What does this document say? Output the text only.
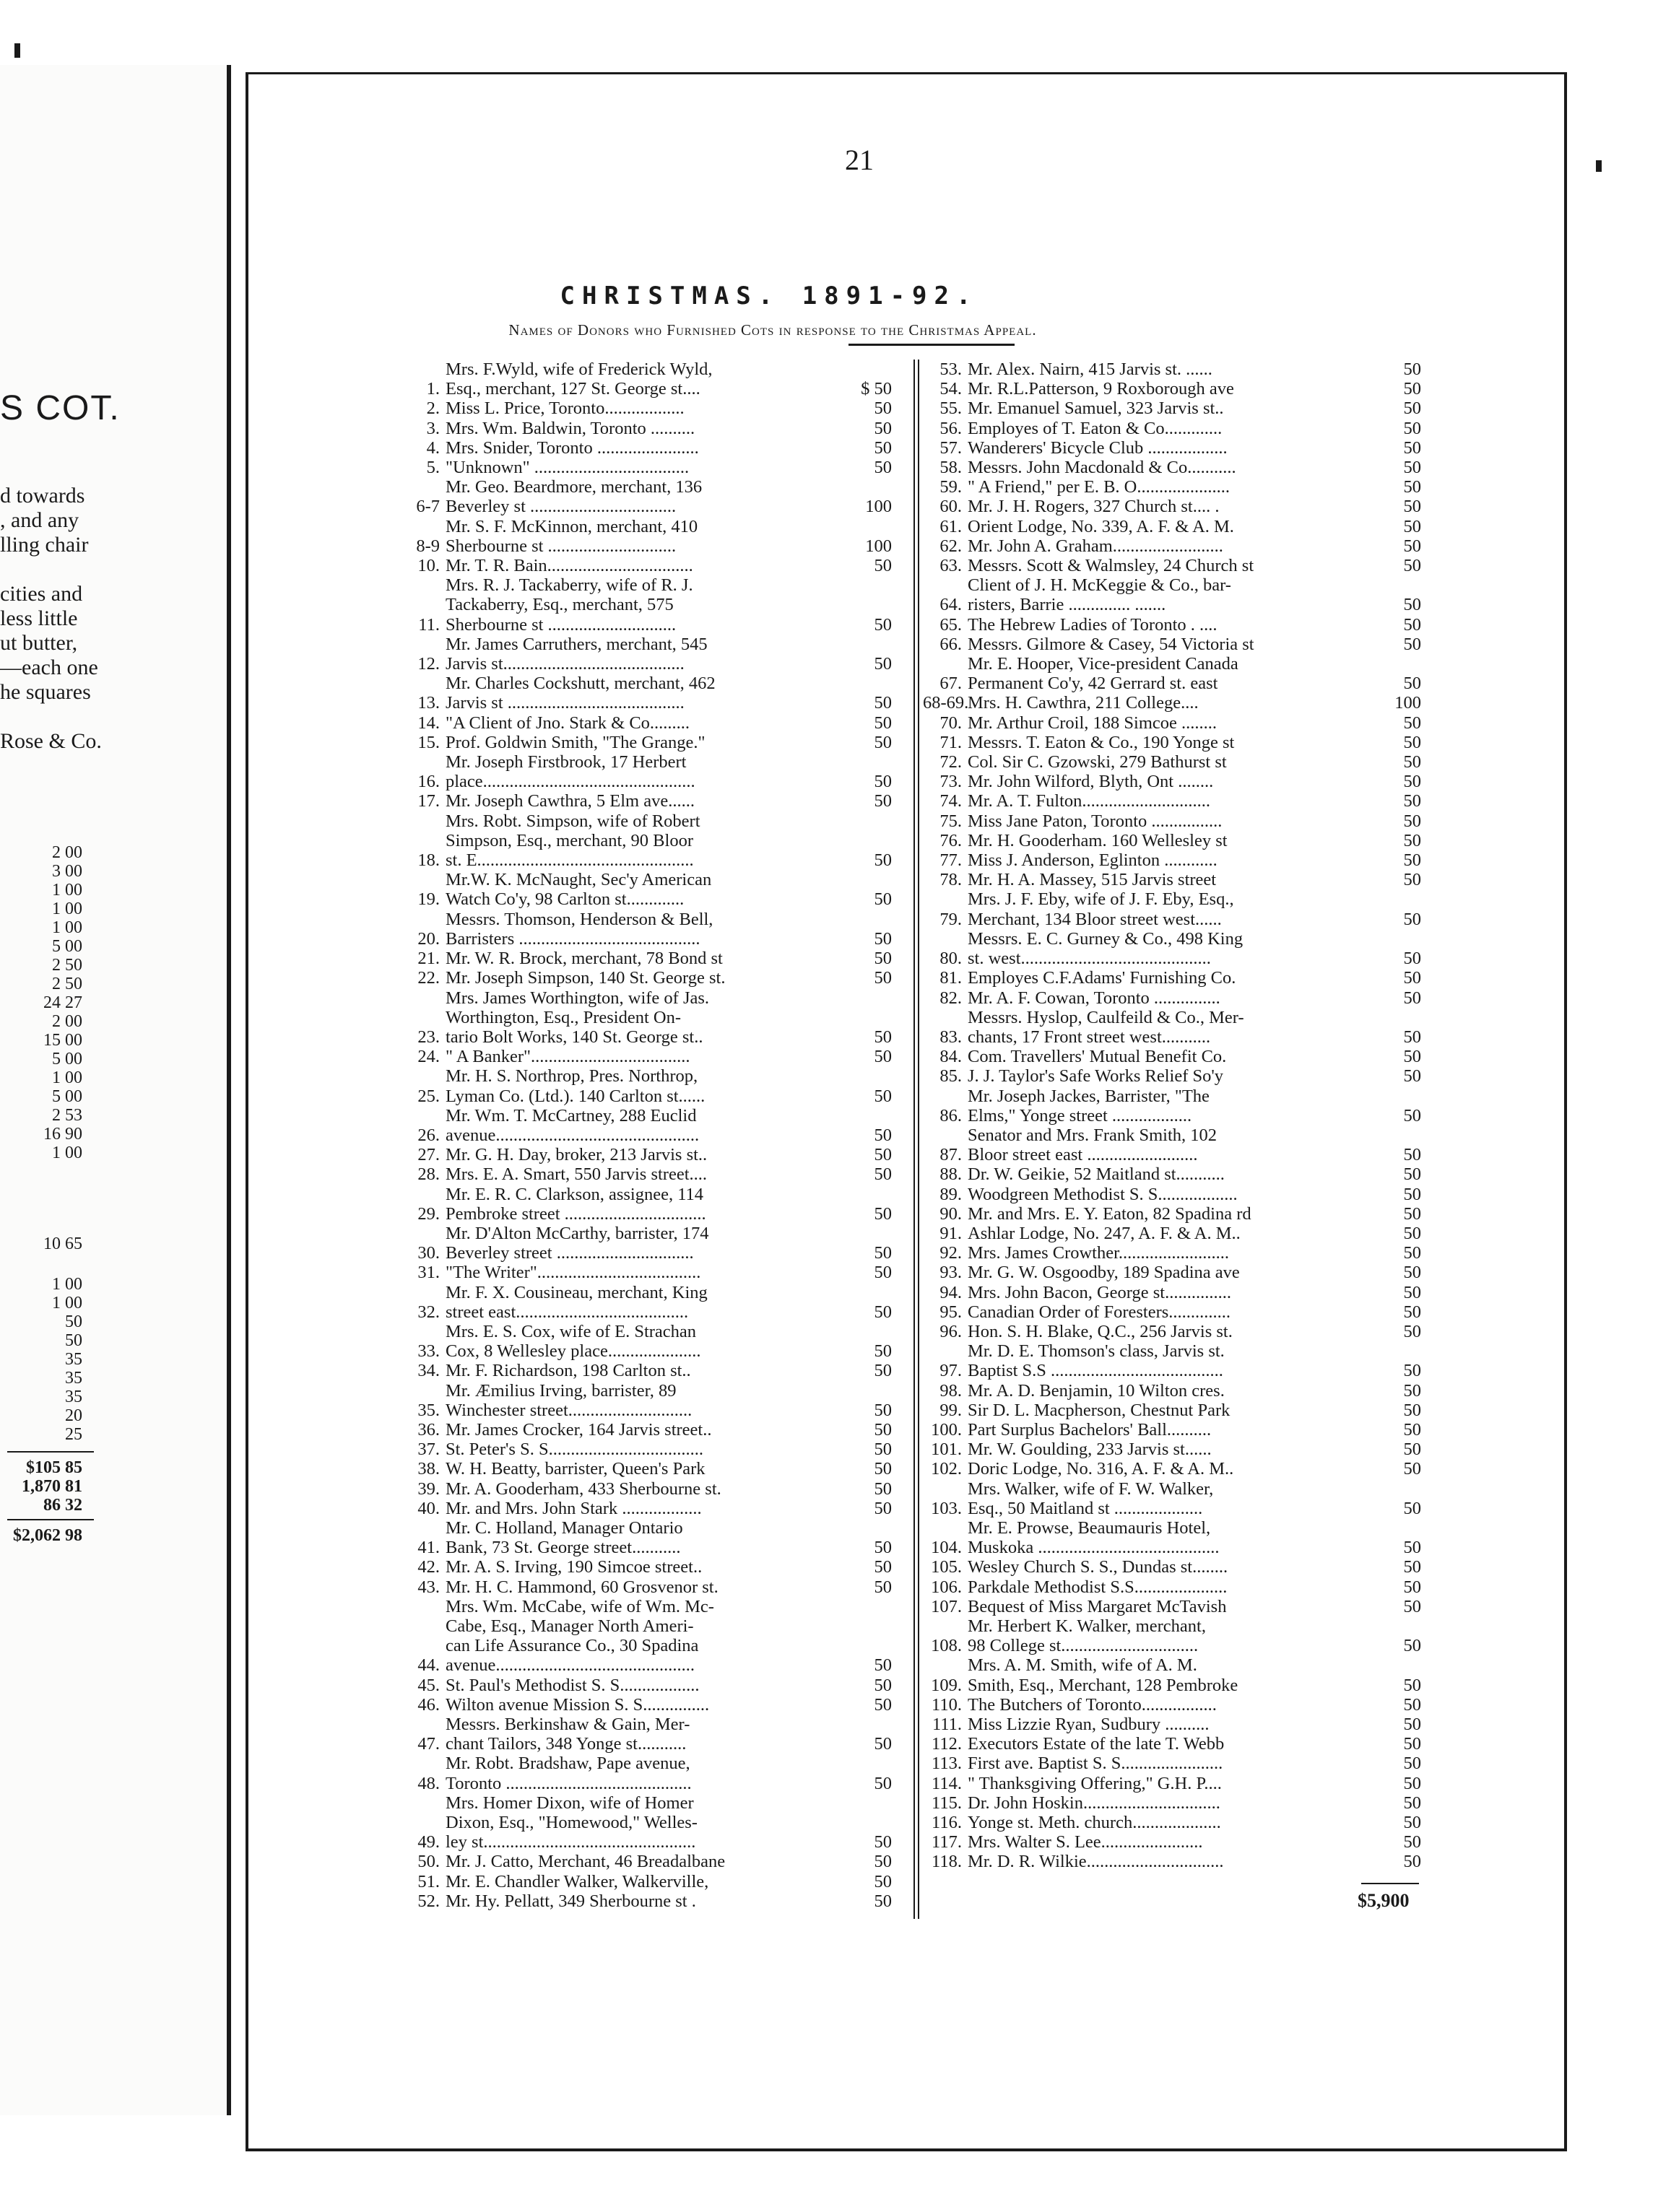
S COT.
d towards
, and any
lling chair
cities and
less little
ut butter,
—each one
he squares
Rose & Co.
2 00
3 00
1 00
1 00
1 00
5 00
2 50
2 50
24 27
2 00
15 00
5 00
1 00
5 00
2 53
16 90
1 00
10 65
1 00
1 00
50
50
35
35
35
20
25
$105 85
1,870 81
86 32
$2,062 98
21
CHRISTMAS. 1891-92.
Names of Donors who Furnished Cots in response to the Christmas Appeal.
1.
Mrs. F.Wyld, wife of Frederick Wyld,
Esq., merchant, 127 St. George st....	$ 50
2. Miss L. Price, Toronto..................	50
3. Mrs. Wm. Baldwin, Toronto ..........	50
4. Mrs. Snider, Toronto .......................	50
5. "Unknown" ...................................	50
6-7
Mr. Geo. Beardmore, merchant, 136
Beverley st .................................	100
8-9
Mr. S. F. McKinnon, merchant, 410
Sherbourne st .............................	100
10. Mr. T. R. Bain.................................	50
11.
Mrs. R. J. Tackaberry, wife of R. J.
Tackaberry, Esq., merchant, 575
Sherbourne st .............................	50
12.
Mr. James Carruthers, merchant, 545
Jarvis st.........................................	50
13.
Mr. Charles Cockshutt, merchant, 462
Jarvis st ........................................	50
14. "A Client of Jno. Stark & Co.........	50
15. Prof. Goldwin Smith, "The Grange."	50
16.
Mr. Joseph Firstbrook, 17 Herbert
place................................................	50
17. Mr. Joseph Cawthra, 5 Elm ave......	50
18.
Mrs. Robt. Simpson, wife of Robert
Simpson, Esq., merchant, 90 Bloor
st. E.................................................	50
19.
Mr.W. K. McNaught, Sec'y American
Watch Co'y, 98 Carlton st.............	50
20.
Messrs. Thomson, Henderson & Bell,
Barristers .........................................	50
21. Mr. W. R. Brock, merchant, 78 Bond st	50
22. Mr. Joseph Simpson, 140 St. George st.	50
23.
Mrs. James Worthington, wife of Jas.
Worthington, Esq., President On-
tario Bolt Works, 140 St. George st..	50
24. " A Banker"....................................	50
25.
Mr. H. S. Northrop, Pres. Northrop,
Lyman Co. (Ltd.). 140 Carlton st......	50
26.
Mr. Wm. T. McCartney, 288 Euclid
avenue..............................................	50
27. Mr. G. H. Day, broker, 213 Jarvis st..	50
28. Mrs. E. A. Smart, 550 Jarvis street....	50
29.
Mr. E. R. C. Clarkson, assignee, 114
Pembroke street ................................	50
30.
Mr. D'Alton McCarthy, barrister, 174
Beverley street ...............................	50
31. "The Writer".....................................	50
32.
Mr. F. X. Cousineau, merchant, King
street east.......................................	50
33.
Mrs. E. S. Cox, wife of E. Strachan
Cox, 8 Wellesley place.....................	50
34. Mr. F. Richardson, 198 Carlton st..	50
35.
Mr. Æmilius Irving, barrister, 89
Winchester street............................	50
36. Mr. James Crocker, 164 Jarvis street..	50
37. St. Peter's S. S...................................	50
38. W. H. Beatty, barrister, Queen's Park	50
39. Mr. A. Gooderham, 433 Sherbourne st.	50
40. Mr. and Mrs. John Stark ..................	50
41.
Mr. C. Holland, Manager Ontario
Bank, 73 St. George street...........	50
42. Mr. A. S. Irving, 190 Simcoe street..	50
43. Mr. H. C. Hammond, 60 Grosvenor st.	50
44.
Mrs. Wm. McCabe, wife of Wm. Mc-
Cabe, Esq., Manager North Ameri-
can Life Assurance Co., 30 Spadina
avenue.............................................	50
45. St. Paul's Methodist S. S..................	50
46. Wilton avenue Mission S. S...............	50
47.
Messrs. Berkinshaw & Gain, Mer-
chant Tailors, 348 Yonge st...........	50
48.
Mr. Robt. Bradshaw, Pape avenue,
Toronto ..........................................	50
49.
Mrs. Homer Dixon, wife of Homer
Dixon, Esq., "Homewood," Welles-
ley st................................................	50
50. Mr. J. Catto, Merchant, 46 Breadalbane	50
51. Mr. E. Chandler Walker, Walkerville,	50
52. Mr. Hy. Pellatt, 349 Sherbourne st .	50
53. Mr. Alex. Nairn, 415 Jarvis st. ......	50
54. Mr. R.L.Patterson, 9 Roxborough ave	50
55. Mr. Emanuel Samuel, 323 Jarvis st..	50
56. Employes of T. Eaton & Co.............	50
57. Wanderers' Bicycle Club ..................	50
58. Messrs. John Macdonald & Co...........	50
59. " A Friend," per E. B. O.....................	50
60. Mr. J. H. Rogers, 327 Church st.... .	50
61. Orient Lodge, No. 339, A. F. & A. M.	50
62. Mr. John A. Graham.........................	50
63. Messrs. Scott & Walmsley, 24 Church st	50
64.
Client of J. H. McKeggie & Co., bar-
risters, Barrie .............. .......	50
65. The Hebrew Ladies of Toronto . ....	50
66. Messrs. Gilmore & Casey, 54 Victoria st	50
67.
Mr. E. Hooper, Vice-president Canada
Permanent Co'y, 42 Gerrard st. east	50
68-69.
Mrs. H. Cawthra, 211 College....	100
70. Mr. Arthur Croil, 188 Simcoe ........	50
71. Messrs. T. Eaton & Co., 190 Yonge st	50
72. Col. Sir C. Gzowski, 279 Bathurst st	50
73. Mr. John Wilford, Blyth, Ont ........	50
74. Mr. A. T. Fulton.............................	50
75. Miss Jane Paton, Toronto ................	50
76. Mr. H. Gooderham. 160 Wellesley st	50
77. Miss J. Anderson, Eglinton ............	50
78. Mr. H. A. Massey, 515 Jarvis street	50
79.
Mrs. J. F. Eby, wife of J. F. Eby, Esq.,
Merchant, 134 Bloor street west......	50
80.
Messrs. E. C. Gurney & Co., 498 King
st. west...........................................	50
81. Employes C.F.Adams' Furnishing Co.	50
82. Mr. A. F. Cowan, Toronto ...............	50
83.
Messrs. Hyslop, Caulfeild & Co., Mer-
chants, 17 Front street west...........	50
84. Com. Travellers' Mutual Benefit Co.	50
85. J. J. Taylor's Safe Works Relief So'y	50
86.
Mr. Joseph Jackes, Barrister, "The
Elms," Yonge street ..................	50
87.
Senator and Mrs. Frank Smith, 102
Bloor street east .........................	50
88. Dr. W. Geikie, 52 Maitland st...........	50
89. Woodgreen Methodist S. S..................	50
90. Mr. and Mrs. E. Y. Eaton, 82 Spadina rd	50
91. Ashlar Lodge, No. 247, A. F. & A. M..	50
92. Mrs. James Crowther.........................	50
93. Mr. G. W. Osgoodby, 189 Spadina ave	50
94. Mrs. John Bacon, George st...............	50
95. Canadian Order of Foresters..............	50
96. Hon. S. H. Blake, Q.C., 256 Jarvis st.	50
97.
Mr. D. E. Thomson's class, Jarvis st.
Baptist S.S .......................................	50
98. Mr. A. D. Benjamin, 10 Wilton cres.	50
99. Sir D. L. Macpherson, Chestnut Park	50
100. Part Surplus Bachelors' Ball..........	50
101. Mr. W. Goulding, 233 Jarvis st......	50
102. Doric Lodge, No. 316, A. F. & A. M..	50
103.
Mrs. Walker, wife of F. W. Walker,
Esq., 50 Maitland st ....................	50
104.
Mr. E. Prowse, Beaumauris Hotel,
Muskoka .........................................	50
105. Wesley Church S. S., Dundas st........	50
106. Parkdale Methodist S.S.....................	50
107. Bequest of Miss Margaret McTavish	50
108.
Mr. Herbert K. Walker, merchant,
98 College st...............................	50
109.
Mrs. A. M. Smith, wife of A. M.
Smith, Esq., Merchant, 128 Pembroke	50
110. The Butchers of Toronto.................	50
111. Miss Lizzie Ryan, Sudbury ..........	50
112. Executors Estate of the late T. Webb	50
113. First ave. Baptist S. S.......................	50
114. " Thanksgiving Offering," G.H. P....	50
115. Dr. John Hoskin...............................	50
116. Yonge st. Meth. church....................	50
117. Mrs. Walter S. Lee.......................	50
118. Mr. D. R. Wilkie...............................	50
$5,900
